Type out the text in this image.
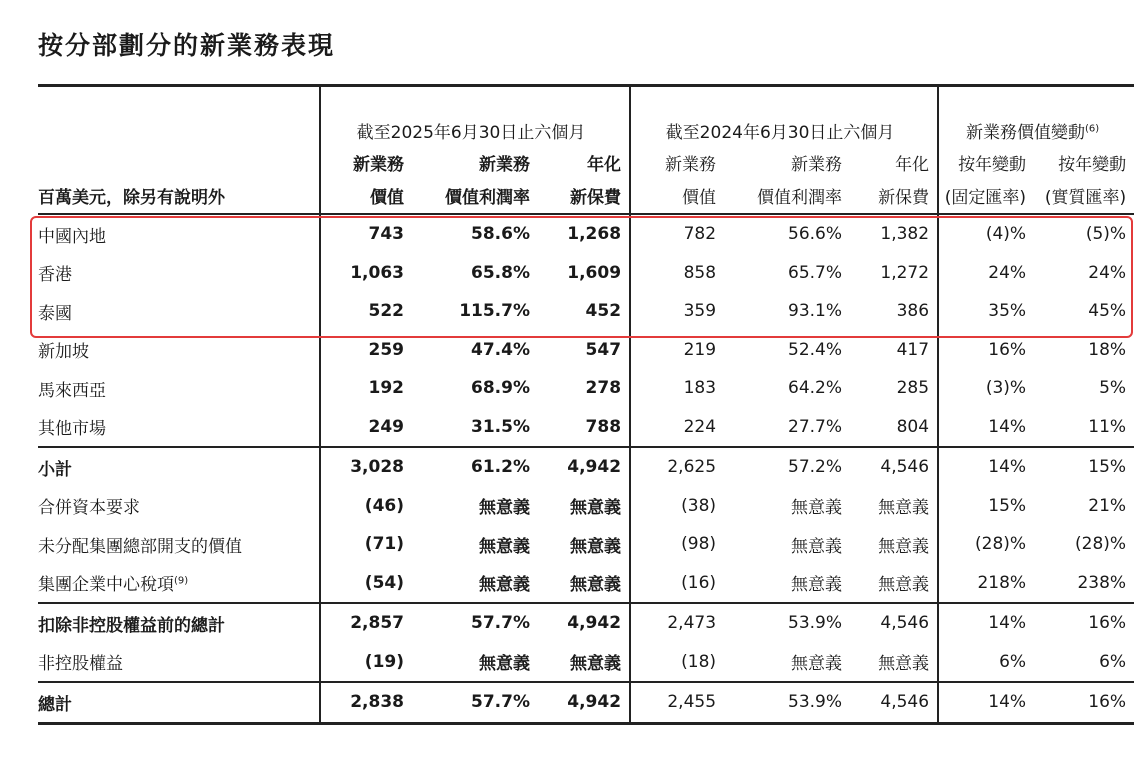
按分部劃分的新業務表現
	截至2025年6月30日止六個月			截至2024年6月30日止六個月			新業務價值變動$^{(6)}$
	新業務	新業務	年化	新業務	新業務	年化	按年變動	按年變動
百萬美元，除另有說明外	價值	價值利潤率	新保費	價值	價值利潤率	新保費	(固定匯率)	(實質匯率)
中國內地	743	58.6%	1,268	782	56.6%	1,382	(4)%	(5)%
香港	1,063	65.8%	1,609	858	65.7%	1,272	24%	24%
泰國	522	115.7%	452	359	93.1%	386	35%	45%
新加坡	259	47.4%	547	219	52.4%	417	16%	18%
馬來西亞	192	68.9%	278	183	64.2%	285	(3)%	5%
其他市場	249	31.5%	788	224	27.7%	804	14%	11%
小計	3,028	61.2%	4,942	2,625	57.2%	4,546	14%	15%
合併資本要求	(46)	無意義	無意義	(38)	無意義	無意義	15%	21%
未分配集團總部開支的價值	(71)	無意義	無意義	(98)	無意義	無意義	(28)%	(28)%
集團企業中心稅項$^{(9)}$	(54)	無意義	無意義	(16)	無意義	無意義	218%	238%
扣除非控股權益前的總計	2,857	57.7%	4,942	2,473	53.9%	4,546	14%	16%
非控股權益	(19)	無意義	無意義	(18)	無意義	無意義	6%	6%
總計	2,838	57.7%	4,942	2,455	53.9%	4,546	14%	16%
